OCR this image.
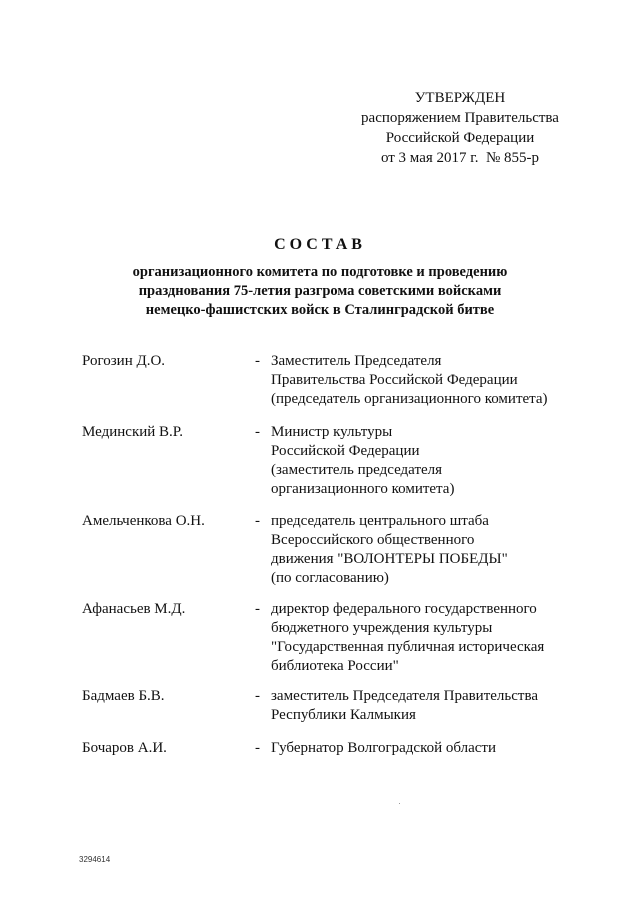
УТВЕРЖДЕН
распоряжением Правительства
Российской Федерации
от 3 мая 2017 г.  № 855-р
СОСТАВ
организационного комитета по подготовке и проведению
празднования 75-летия разгрома советскими войсками
немецко-фашистских войск в Сталинградской битве
Рогозин Д.О.	- Заместитель Председателя
Правительства Российской Федерации
(председатель организационного комитета)
Мединский В.Р.	- Министр культуры
Российской Федерации
(заместитель председателя
организационного комитета)
Амельченкова О.Н.	- председатель центрального штаба
Всероссийского общественного
движения "ВОЛОНТЕРЫ ПОБЕДЫ"
(по согласованию)
Афанасьев М.Д.	- директор федерального государственного
бюджетного учреждения культуры
"Государственная публичная историческая
библиотека России"
Бадмаев Б.В.	- заместитель Председателя Правительства
Республики Калмыкия
Бочаров А.И.	- Губернатор Волгоградской области
3294614
